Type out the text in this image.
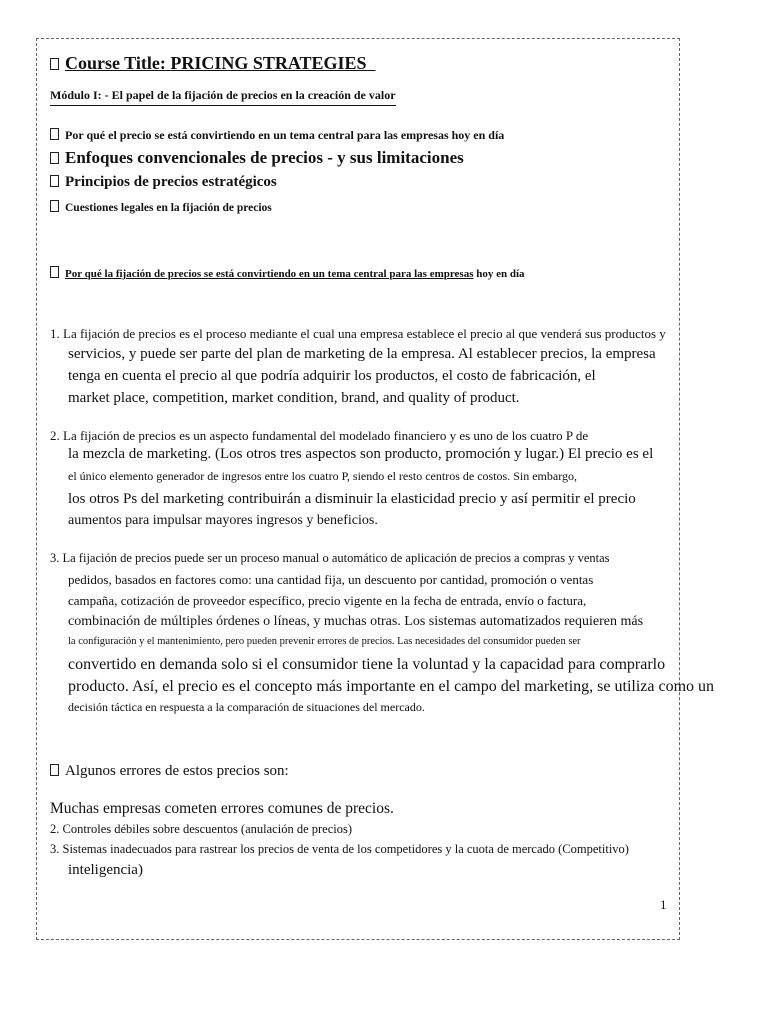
Course Title: PRICING STRATEGIES
Módulo I: - El papel de la fijación de precios en la creación de valor
Por qué el precio se está convirtiendo en un tema central para las empresas hoy en día
Enfoques convencionales de precios - y sus limitaciones
Principios de precios estratégicos
Cuestiones legales en la fijación de precios
Por qué la fijación de precios se está convirtiendo en un tema central para las empresas hoy en día
1. La fijación de precios es el proceso mediante el cual una empresa establece el precio al que venderá sus productos y
servicios, y puede ser parte del plan de marketing de la empresa. Al establecer precios, la empresa
tenga en cuenta el precio al que podría adquirir los productos, el costo de fabricación, el
market place, competition, market condition, brand, and quality of product.
2. La fijación de precios es un aspecto fundamental del modelado financiero y es uno de los cuatro P de
la mezcla de marketing. (Los otros tres aspectos son producto, promoción y lugar.) El precio es el
el único elemento generador de ingresos entre los cuatro P, siendo el resto centros de costos. Sin embargo,
los otros Ps del marketing contribuirán a disminuir la elasticidad precio y así permitir el precio
aumentos para impulsar mayores ingresos y beneficios.
3. La fijación de precios puede ser un proceso manual o automático de aplicación de precios a compras y ventas
pedidos, basados en factores como: una cantidad fija, un descuento por cantidad, promoción o ventas
campaña, cotización de proveedor específico, precio vigente en la fecha de entrada, envío o factura,
combinación de múltiples órdenes o líneas, y muchas otras. Los sistemas automatizados requieren más
la configuración y el mantenimiento, pero pueden prevenir errores de precios. Las necesidades del consumidor pueden ser
convertido en demanda solo si el consumidor tiene la voluntad y la capacidad para comprarlo
producto. Así, el precio es el concepto más importante en el campo del marketing, se utiliza como un
decisión táctica en respuesta a la comparación de situaciones del mercado.
Algunos errores de estos precios son:
Muchas empresas cometen errores comunes de precios.
2. Controles débiles sobre descuentos (anulación de precios)
3. Sistemas inadecuados para rastrear los precios de venta de los competidores y la cuota de mercado (Competitivo)
inteligencia)
1
